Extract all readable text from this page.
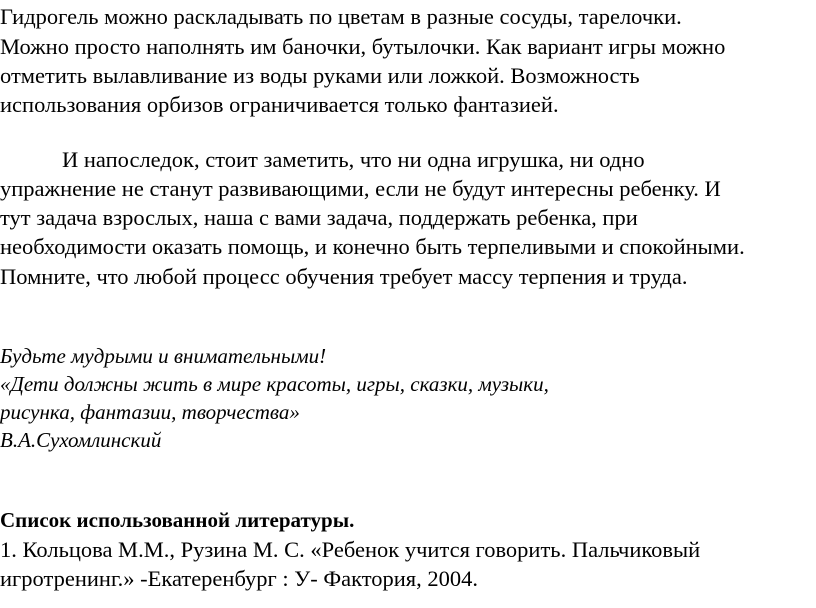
Гидрогель можно раскладывать по цветам в разные сосуды, тарелочки.
Можно просто наполнять им баночки, бутылочки. Как вариант игры можно
отметить вылавливание из воды руками или ложкой. Возможность
использования орбизов ограничивается только фантазией.
И напоследок, стоит заметить, что ни одна игрушка, ни одно
упражнение не станут развивающими, если не будут интересны ребенку. И
тут задача взрослых, наша с вами задача, поддержать ребенка, при
необходимости оказать помощь, и конечно быть терпеливыми и спокойными.
Помните, что любой процесс обучения требует массу терпения и труда.
Будьте мудрыми и внимательными!
«Дети должны жить в мире красоты, игры, сказки, музыки,
рисунка, фантазии, творчества»
В.А.Сухомлинский
Список использованной литературы.
1. Кольцова М.М., Рузина М. С. «Ребенок учится говорить. Пальчиковый
игротренинг.» -Екатеренбург : У- Фактория, 2004.
